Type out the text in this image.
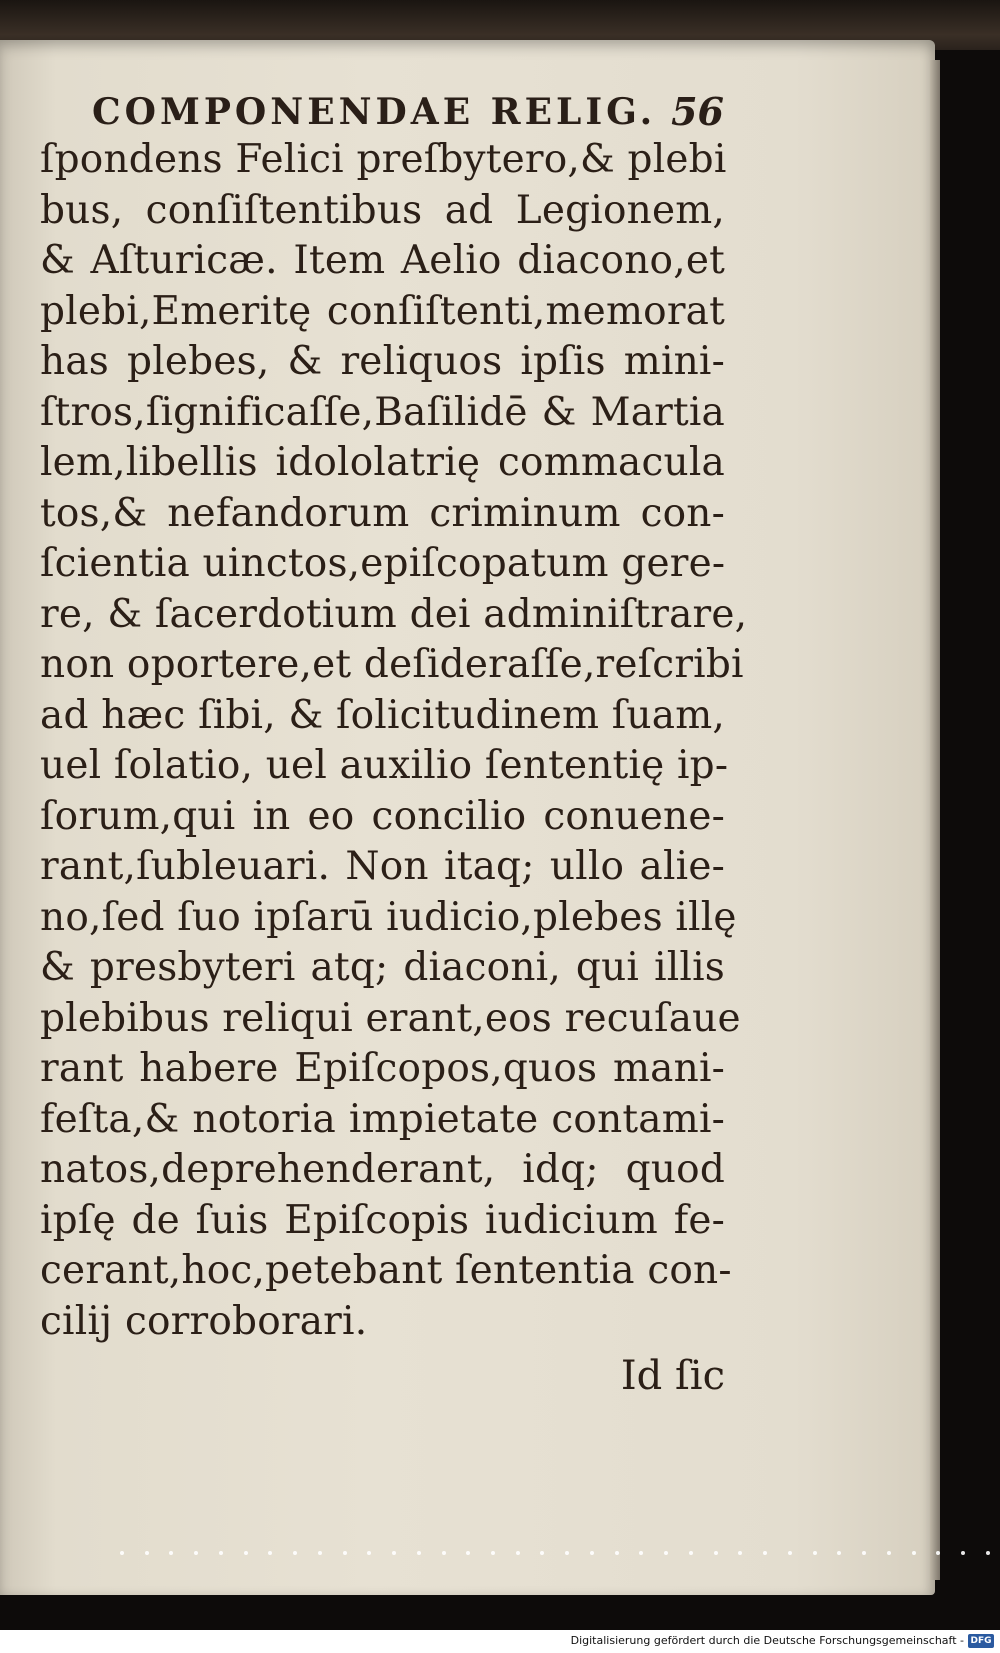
COMPONENDAE RELIG. 56
ſpondens Felici preſbytero,& plebi
bus, conſiſtentibus ad Legionem,
& Aſturicæ. Item Aelio diacono,et
plebi,Emeritę conſiſtenti,memorat
has plebes, & reliquos ipſis mini-
ſtros,ſignificaſſe,Baſilidē & Martia
lem,libellis idololatrię commacula
tos,& nefandorum criminum con-
ſcientia uinctos,epiſcopatum gere-
re, & ſacerdotium dei adminiſtrare,
non oportere,et deſideraſſe,reſcribi
ad hæc ſibi, & ſolicitudinem ſuam,
uel ſolatio, uel auxilio ſententię ip-
ſorum,qui in eo concilio conuene-
rant,ſubleuari. Non itaq; ullo alie-
no,ſed ſuo ipſarū iudicio,plebes illę
& presbyteri atq; diaconi, qui illis
plebibus reliqui erant,eos recuſaue
rant habere Epiſcopos,quos mani-
feſta,& notoria impietate contami-
natos,deprehenderant, idq; quod
ipſę de ſuis Epiſcopis iudicium fe-
cerant,hoc,petebant ſententia con-
cilij corroborari.
Id ſic
Digitalisierung gefördert durch die Deutsche Forschungsgemeinschaft - DFG
